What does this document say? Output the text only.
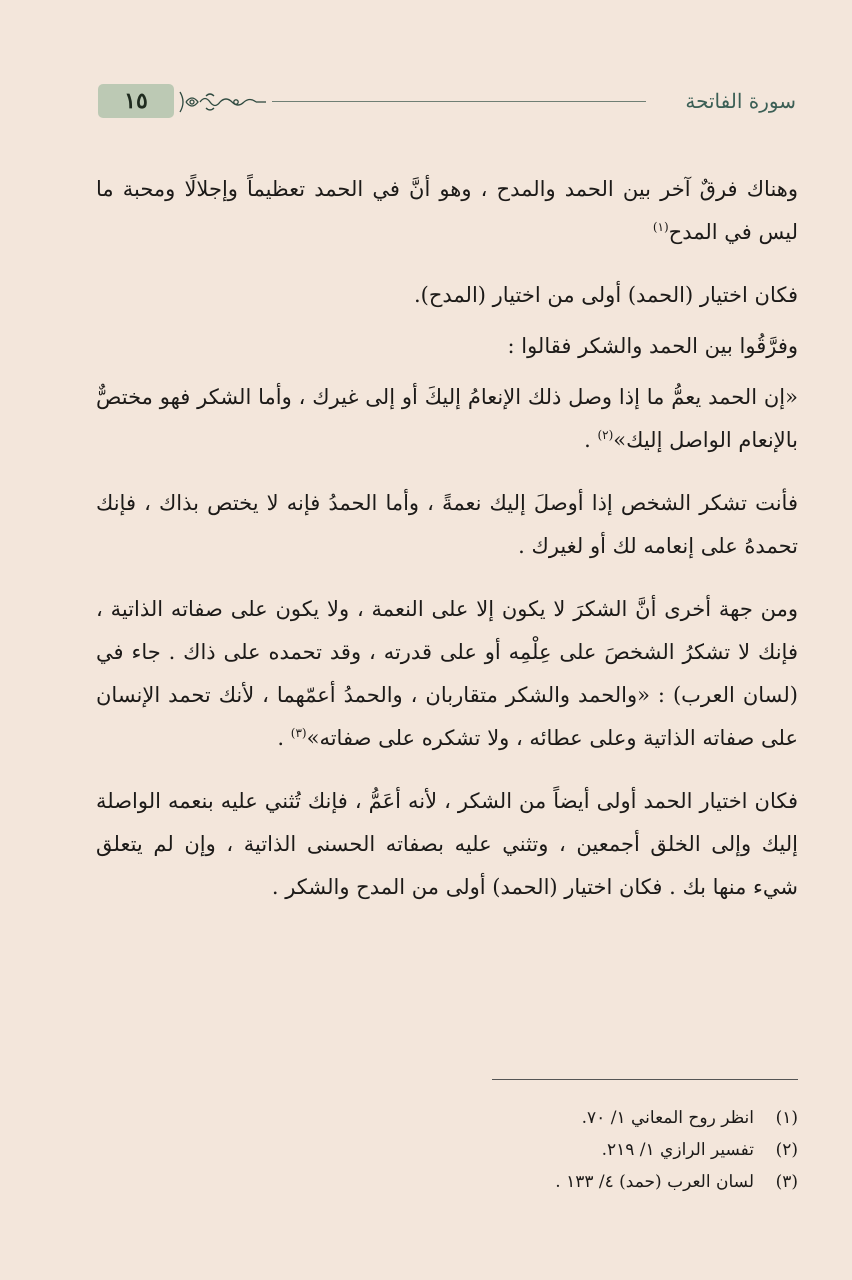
١٥	سورة الفاتحة

وهناك فرقٌ آخر بين الحمد والمدح ، وهو أنَّ في الحمد تعظيماً وإجلالًا ومحبة ما ليس في المدح$^{(١)}$

فكان اختيار (الحمد) أولى من اختيار (المدح).

وفرَّقُوا بين الحمد والشكر فقالوا :

«إن الحمد يعمُّ ما إذا وصل ذلك الإنعامُ إليكَ أو إلى غيرك ، وأما الشكر فهو مختصٌّ بالإنعام الواصل إليك»$^{(٢)}$ .

فأنت تشكر الشخص إذا أوصلَ إليك نعمةً ، وأما الحمدُ فإنه لا يختص بذاك ، فإنك تحمدهُ على إنعامه لك أو لغيرك .

ومن جهة أخرى أنَّ الشكرَ لا يكون إلا على النعمة ، ولا يكون على صفاته الذاتية ، فإنك لا تشكرُ الشخصَ على عِلْمِه أو على قدرته ، وقد تحمده على ذاك . جاء في (لسان العرب) : «والحمد والشكر متقاربان ، والحمدُ أعمّهما ، لأنك تحمد الإنسان على صفاته الذاتية وعلى عطائه ، ولا تشكره على صفاته»$^{(٣)}$ .

فكان اختيار الحمد أولى أيضاً من الشكر ، لأنه أعَمُّ ، فإنك تُثني عليه بنعمه الواصلة إليك وإلى الخلق أجمعين ، وتثني عليه بصفاته الحسنى الذاتية ، وإن لم يتعلق شيء منها بك . فكان اختيار (الحمد) أولى من المدح والشكر .

(١)
انظر روح المعاني ١/ ٧٠.
(٢)
تفسير الرازي ١/ ٢١٩.
(٣)
لسان العرب (حمد) ٤/ ١٣٣ .
